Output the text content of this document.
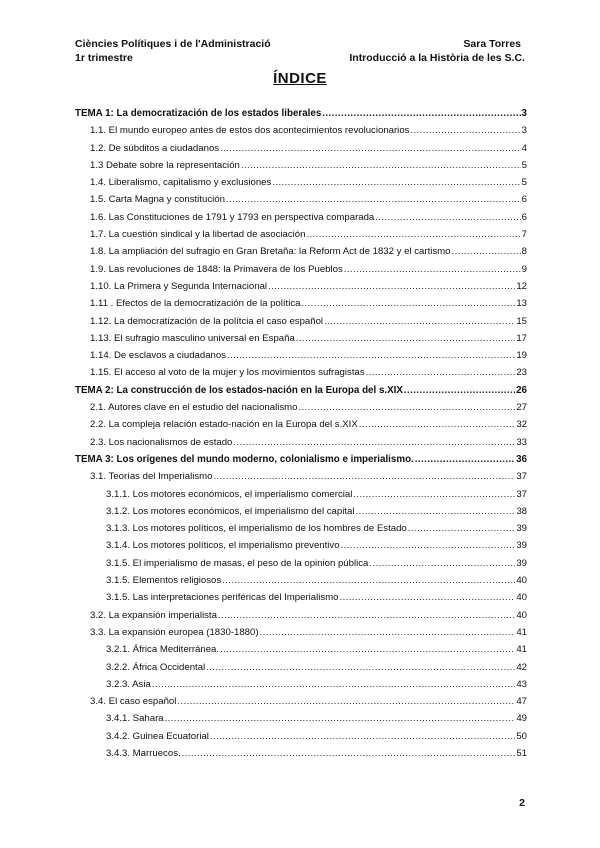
Ciències Polítiques i de l'Administració
1r trimestre
Sara Torres
Introducció a la Història de les S.C.
ÍNDICE
TEMA 1: La democratización de los estados liberales .....	3
1.1. El mundo europeo antes de estos dos acontecimientos revolucionarios .....	3
1.2. De súbditos a ciudadanos .....	4
1.3 Debate sobre la representación .....	5
1.4. Liberalismo, capitalismo y exclusiones .....	5
1.5. Carta Magna y constitución .....	6
1.6. Las Constituciones de 1791 y 1793 en perspectiva comparada .....	6
1.7. La cuestión sindical y la libertad de asociación .....	7
1.8. La ampliación del sufragio en Gran Bretaña: la Reform Act de 1832 y el cartismo .....	8
1.9. Las revoluciones de 1848: la Primavera de los Pueblos .....	9
1.10. La Primera y Segunda Internacional .....	12
1.11 . Efectos de la democratización de la política .....	13
1.12. La democratización de la polítcia el caso español .....	15
1.13. El sufragio masculino universal en España .....	17
1.14. De esclavos a ciudadanos .....	19
1.15. El acceso al voto de la mujer y los movimientos sufragistas .....	23
TEMA 2: La construcción de los estados-nación en la Europa del s.XIX .....	26
2.1. Autores clave en el estudio del nacionalismo .....	27
2.2. La compleja relación estado-nación en la Europa del s.XIX .....	32
2.3. Los nacionalismos de estado .....	33
TEMA 3: Los orígenes del mundo moderno, colonialismo e imperialismo. .....	36
3.1. Teorías del Imperialismo .....	37
3.1.1. Los motores económicos, el imperialismo comercial .....	37
3.1.2. Los motores económicos, el imperialismo del capital .....	38
3.1.3. Los motores políticos, el imperialismo de los hombres de Estado .....	39
3.1.4. Los motores políticos, el imperialismo preventivo .....	39
3.1.5. El imperialismo de masas, el peso de la opinion pública .....	39
3.1.5. Elementos religiosos .....	40
3.1.5. Las interpretaciones periféricas del Imperialismo .....	40
3.2. La expansión imperialista .....	40
3.3. La expansión europea (1830-1880) .....	41
3.2.1. África Mediterránea. .....	41
3.2.2. África Occidental .....	42
3.2.3. Asia .....	43
3.4. El caso español .....	47
3.4.1. Sahara .....	49
3.4.2. Guinea Ecuatorial .....	50
3.4.3. Marruecos. .....	51
2
